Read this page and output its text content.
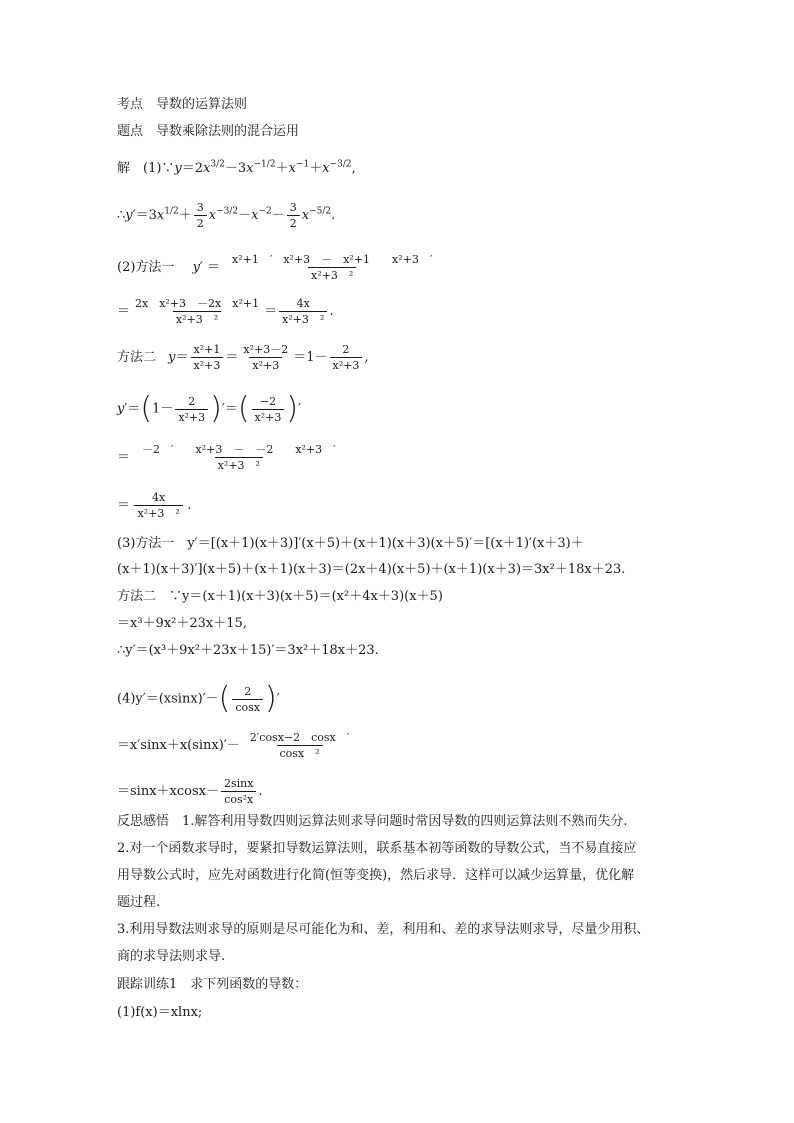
考点　导数的运算法则
题点　导数乘除法则的混合运用
解　$(1)\because y=2x^{3/2}-3x^{-1/2}+x^{-1}+x^{-3/2}$,
$\therefore y'=3x^{1/2}+ \frac{3}{2} x^{-3/2}-x^{-2}- \frac{3}{2} x^{-5/2}$.
(2)方法一 $y' = \frac{\text{x²+1　′　x²+3　－　x²+1　　x²+3　′}}{\text{x²+3　²}}$
＝ $\frac{\text{2x　x²+3　－2x　x²+1}}{\text{x²+3　²}} = \frac{4x}{\text{x²+3　²}}$ .
方法二 $y= \frac{\text{x²+1}}{\text{x²+3}} = \frac{\text{x²+3－2}}{\text{x²+3}} =1- \frac{2}{\text{x²+3}}$ ,
$y'=(1- \frac{2}{\text{x²+3}}$ )′＝( $\frac{-2}{\text{x²+3}}$ )′
＝ $\frac{\text{－2　′　　x²+3　－　－2　　x²+3　′}}{\text{x²+3　²}}$
＝ $\frac{4x}{\text{x²+3　²}}$ .
(3)方法一　y′＝[(x＋1)(x＋3)]′(x＋5)＋(x＋1)(x＋3)(x＋5)′＝[(x＋1)′(x＋3)＋
(x＋1)(x＋3)′](x＋5)＋(x＋1)(x＋3)＝(2x＋4)(x＋5)＋(x＋1)(x＋3)＝3x²＋18x＋23.
方法二　∵y＝(x＋1)(x＋3)(x＋5)＝(x²＋4x＋3)(x＋5)
＝x³＋9x²＋23x＋15,
∴y′＝(x³＋9x²＋23x＋15)′＝3x²＋18x＋23.
$(4)y'=(xsinx)'-( \frac{2}{\cos x}$ )′
$=x'\sin x+x(\sin x)'- \frac{2'\cos x-2 \cos x '}{\text{cosx　²}}$
$=\sin x+xcosx- \frac{2\sin x}{\text{cos²x}}$ .
反思感悟　1.解答利用导数四则运算法则求导问题时常因导数的四则运算法则不熟而失分.
2.对一个函数求导时，要紧扣导数运算法则，联系基本初等函数的导数公式，当不易直接应
用导数公式时，应先对函数进行化简(恒等变换)，然后求导．这样可以减少运算量，优化解
题过程.
3.利用导数法则求导的原则是尽可能化为和、差，利用和、差的求导法则求导，尽量少用积、
商的求导法则求导.
跟踪训练1　求下列函数的导数：
(1)f(x)＝xlnx;
